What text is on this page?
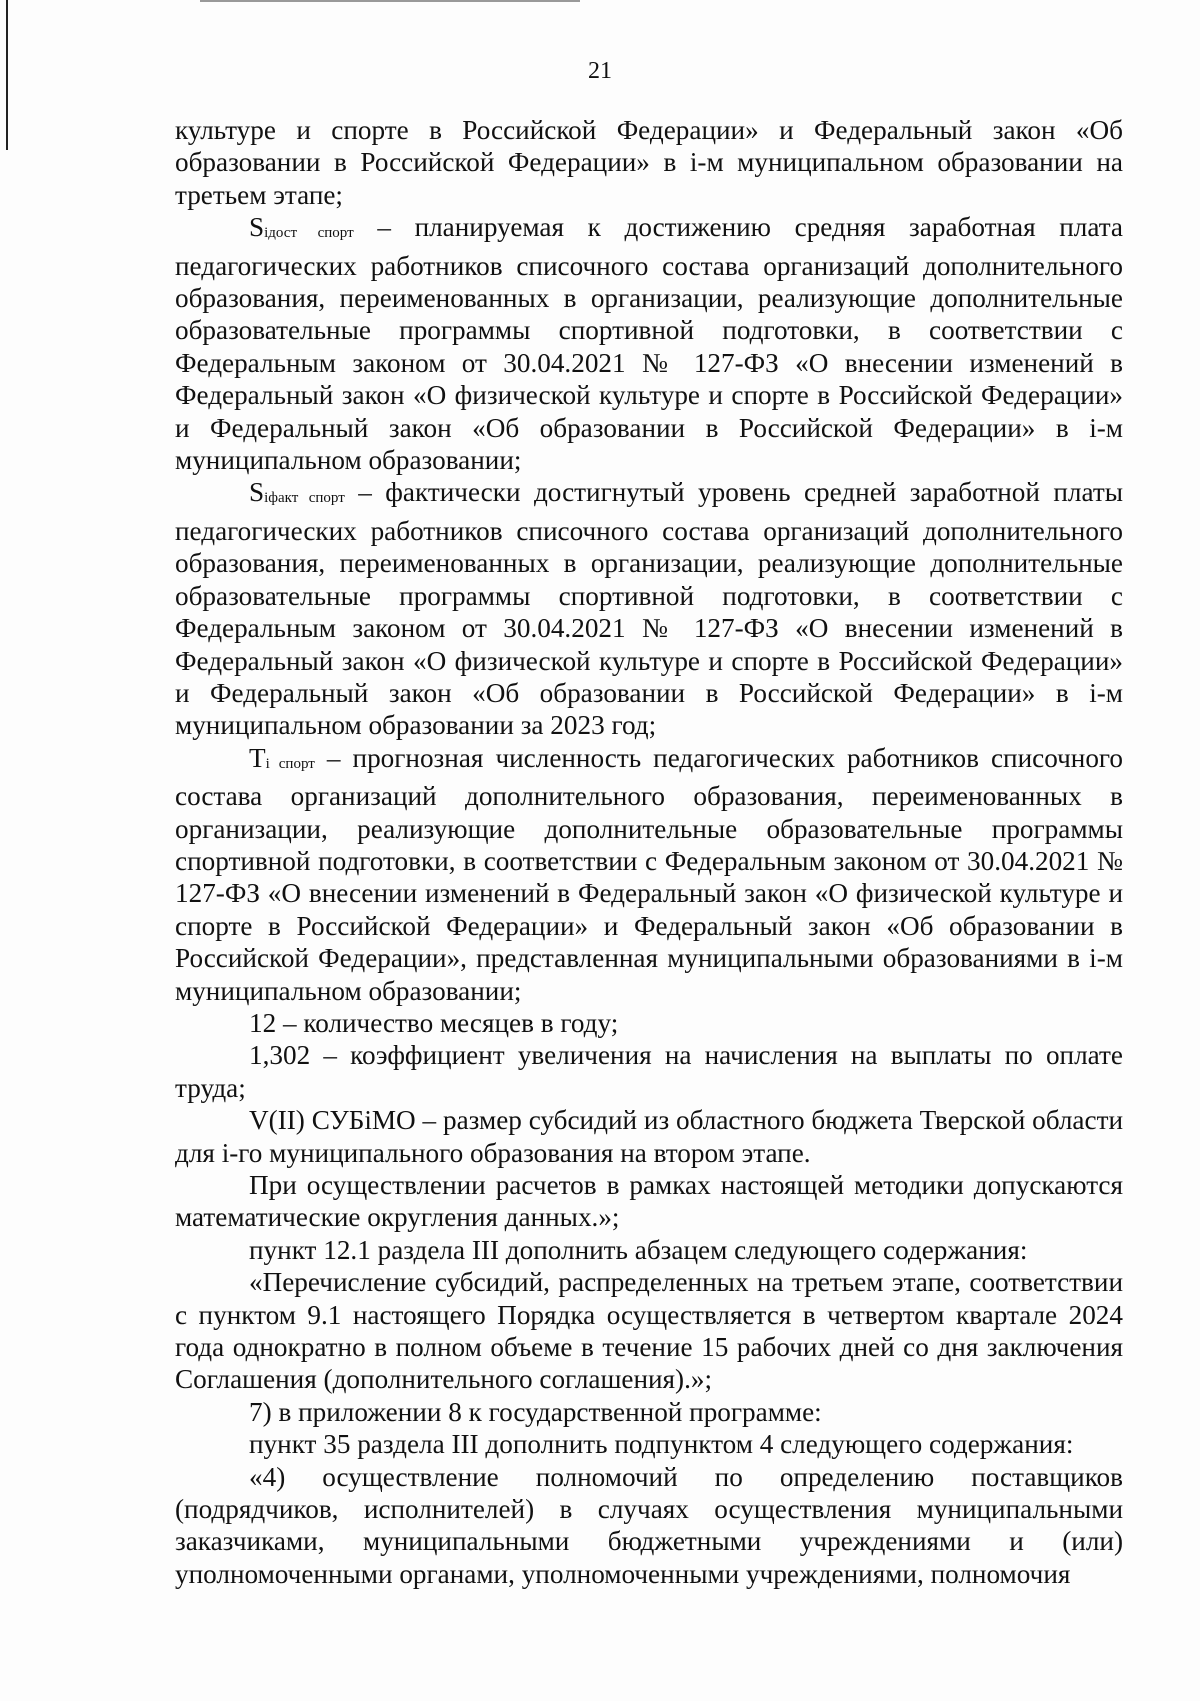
21

культуре и спорте в Российской Федерации» и Федеральный закон «Об образовании в Российской Федерации» в i-м муниципальном образовании на третьем этапе;

Siдост спорт – планируемая к достижению средняя заработная плата педагогических работников списочного состава организаций дополнительного образования, переименованных в организации, реализующие дополнительные образовательные программы спортивной подготовки, в соответствии с Федеральным законом от 30.04.2021 № 127-ФЗ «О внесении изменений в Федеральный закон «О физической культуре и спорте в Российской Федерации» и Федеральный закон «Об образовании в Российской Федерации» в i-м муниципальном образовании;

Siфакт спорт – фактически достигнутый уровень средней заработной платы педагогических работников списочного состава организаций дополнительного образования, переименованных в организации, реализующие дополнительные образовательные программы спортивной подготовки, в соответствии с Федеральным законом от 30.04.2021 № 127-ФЗ «О внесении изменений в Федеральный закон «О физической культуре и спорте в Российской Федерации» и Федеральный закон «Об образовании в Российской Федерации» в i-м муниципальном образовании за 2023 год;

Ti спорт – прогнозная численность педагогических работников списочного состава организаций дополнительного образования, переименованных в организации, реализующие дополнительные образовательные программы спортивной подготовки, в соответствии с Федеральным законом от 30.04.2021 № 127-ФЗ «О внесении изменений в Федеральный закон «О физической культуре и спорте в Российской Федерации» и Федеральный закон «Об образовании в Российской Федерации», представленная муниципальными образованиями в i-м муниципальном образовании;

12 – количество месяцев в году;

1,302 – коэффициент увеличения на начисления на выплаты по оплате труда;

V(II) СУБiМО – размер субсидий из областного бюджета Тверской области для i-го муниципального образования на втором этапе.

При осуществлении расчетов в рамках настоящей методики допускаются математические округления данных.»;

пункт 12.1 раздела III дополнить абзацем следующего содержания:

«Перечисление субсидий, распределенных на третьем этапе, соответствии с пунктом 9.1 настоящего Порядка осуществляется в четвертом квартале 2024 года однократно в полном объеме в течение 15 рабочих дней со дня заключения Соглашения (дополнительного соглашения).»;

7) в приложении 8 к государственной программе:

пункт 35 раздела III дополнить подпунктом 4 следующего содержания:

«4) осуществление полномочий по определению поставщиков (подрядчиков, исполнителей) в случаях осуществления муниципальными заказчиками, муниципальными бюджетными учреждениями и (или) уполномоченными органами, уполномоченными учреждениями, полномочия
